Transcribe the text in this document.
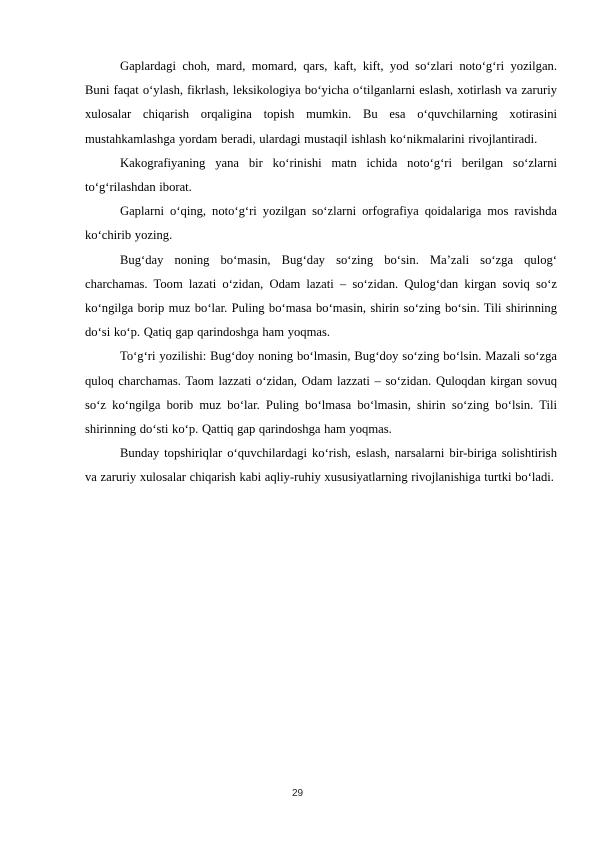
Gaplardagi choh, mard, momard, qars, kaft, kift, yod so‘zlari noto‘g‘ri yozilgan. Buni faqat o‘ylash, fikrlash, leksikologiya bo‘yicha o‘tilganlarni eslash, xotirlash va zaruriy xulosalar chiqarish orqaligina topish mumkin. Bu esa o‘quvchilarning xotirasini mustahkamlashga yordam beradi, ulardagi mustaqil ishlash ko‘nikmalarini rivojlantiradi.

Kakografiyaning yana bir ko‘rinishi matn ichida noto‘g‘ri berilgan so‘zlarni to‘g‘rilashdan iborat.

Gaplarni o‘qing, noto‘g‘ri yozilgan so‘zlarni orfografiya qoidalariga mos ravishda ko‘chirib yozing.

Bug‘day noning bo‘masin, Bug‘day so‘zing bo‘sin. Ma’zali so‘zga qulog‘ charchamas. Toom lazati o‘zidan, Odam lazati – so‘zidan. Qulog‘dan kirgan soviq so‘z ko‘ngilga borip muz bo‘lar. Puling bo‘masa bo‘masin, shirin so‘zing bo‘sin. Tili shirinning do‘si ko‘p. Qatiq gap qarindoshga ham yoqmas.

To‘g‘ri yozilishi: Bug‘doy noning bo‘lmasin, Bug‘doy so‘zing bo‘lsin. Mazali so‘zga quloq charchamas. Taom lazzati o‘zidan, Odam lazzati – so‘zidan. Quloqdan kirgan sovuq so‘z ko‘ngilga borib muz bo‘lar. Puling bo‘lmasa bo‘lmasin, shirin so‘zing bo‘lsin. Tili shirinning do‘sti ko‘p. Qattiq gap qarindoshga ham yoqmas.

Bunday topshiriqlar o‘quvchilardagi ko‘rish, eslash, narsalarni bir-biriga solishtirish va zaruriy xulosalar chiqarish kabi aqliy-ruhiy xususiyatlarning rivojlanishiga turtki bo‘ladi.

29
